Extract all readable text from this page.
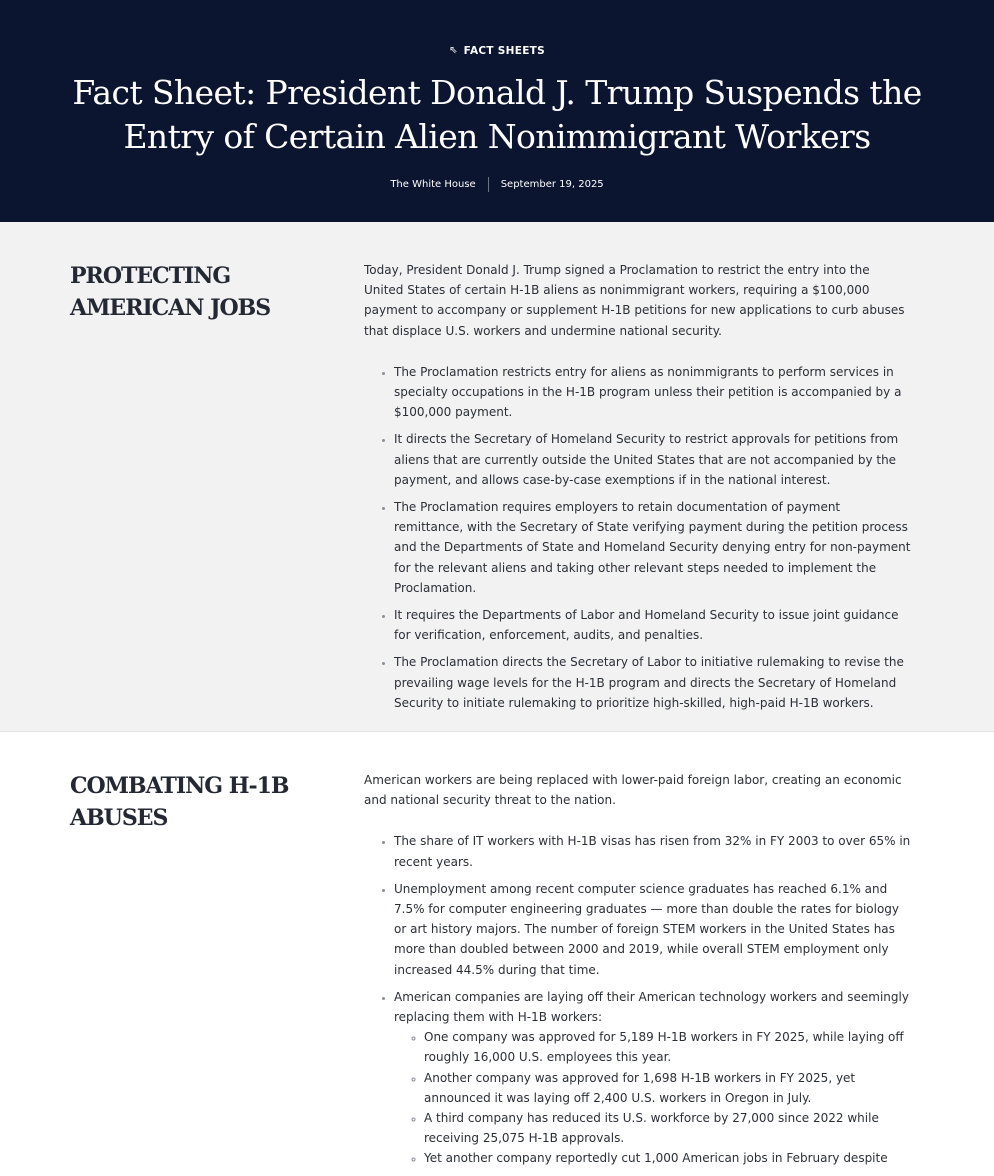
⇖ FACT SHEETS
Fact Sheet: President Donald J. Trump Suspends the Entry of Certain Alien Nonimmigrant Workers
The White House	September 19, 2025
PROTECTING AMERICAN JOBS

Today, President Donald J. Trump signed a Proclamation to restrict the entry into the United States of certain H-1B aliens as nonimmigrant workers, requiring a $100,000 payment to accompany or supplement H-1B petitions for new applications to curb abuses that displace U.S. workers and undermine national security.

• The Proclamation restricts entry for aliens as nonimmigrants to perform services in specialty occupations in the H-1B program unless their petition is accompanied by a $100,000 payment.
• It directs the Secretary of Homeland Security to restrict approvals for petitions from aliens that are currently outside the United States that are not accompanied by the payment, and allows case-by-case exemptions if in the national interest.
• The Proclamation requires employers to retain documentation of payment remittance, with the Secretary of State verifying payment during the petition process and the Departments of State and Homeland Security denying entry for non-payment for the relevant aliens and taking other relevant steps needed to implement the Proclamation.
• It requires the Departments of Labor and Homeland Security to issue joint guidance for verification, enforcement, audits, and penalties.
• The Proclamation directs the Secretary of Labor to initiative rulemaking to revise the prevailing wage levels for the H-1B program and directs the Secretary of Homeland Security to initiate rulemaking to prioritize high-skilled, high-paid H-1B workers.
COMBATING H-1B ABUSES

American workers are being replaced with lower-paid foreign labor, creating an economic and national security threat to the nation.

• The share of IT workers with H-1B visas has risen from 32% in FY 2003 to over 65% in recent years.
• Unemployment among recent computer science graduates has reached 6.1% and 7.5% for computer engineering graduates — more than double the rates for biology or art history majors. The number of foreign STEM workers in the United States has more than doubled between 2000 and 2019, while overall STEM employment only increased 44.5% during that time.
• American companies are laying off their American technology workers and seemingly replacing them with H-1B workers:
◦ One company was approved for 5,189 H-1B workers in FY 2025, while laying off roughly 16,000 U.S. employees this year.
◦ Another company was approved for 1,698 H-1B workers in FY 2025, yet announced it was laying off 2,400 U.S. workers in Oregon in July.
◦ A third company has reduced its U.S. workforce by 27,000 since 2022 while receiving 25,075 H-1B approvals.
◦ Yet another company reportedly cut 1,000 American jobs in February despite
